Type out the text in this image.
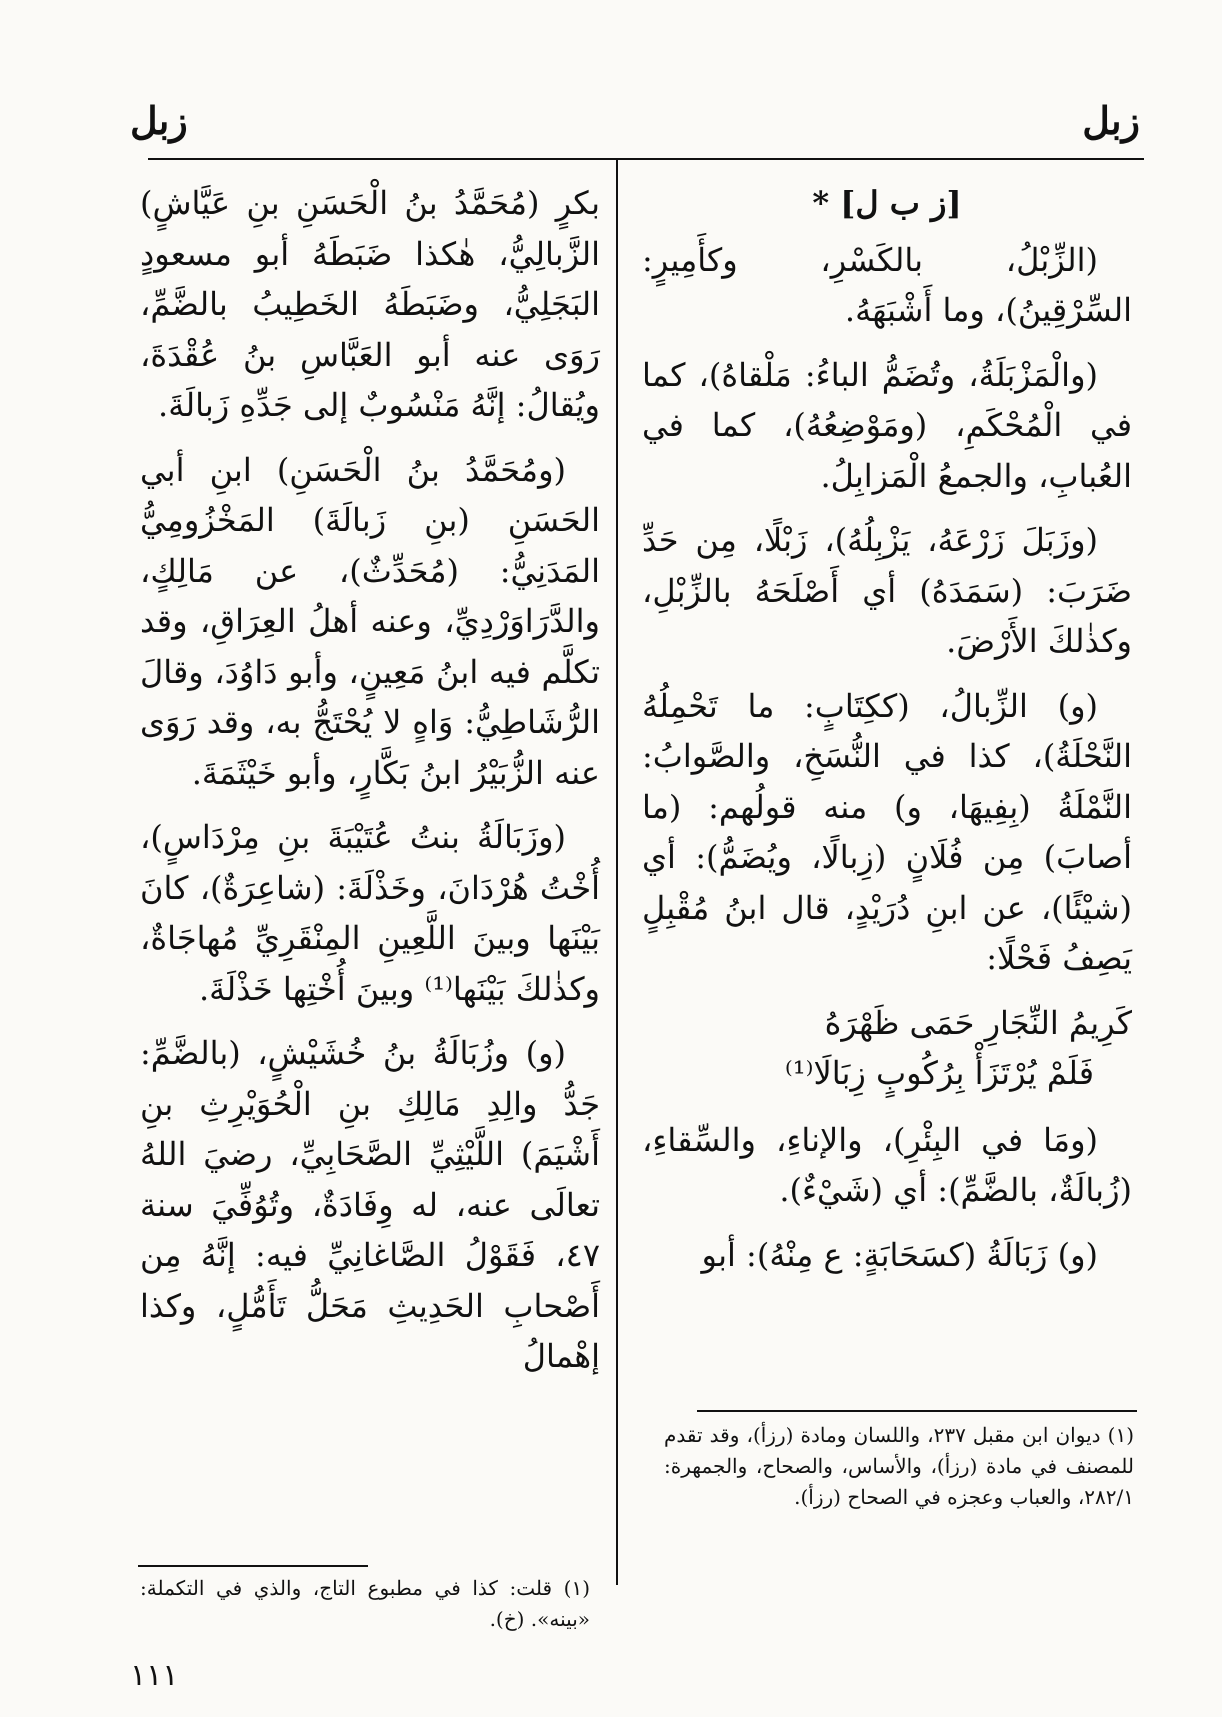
زبل
زبل
[ز ب ل] *

(الزِّبْلُ، بالكَسْرِ، وكأَمِيرٍ: السِّرْقِينُ)، وما أَشْبَهَهُ.

(والْمَزْبَلَةُ، وتُضَمُّ الباءُ: مَلْقاهُ)، كما في الْمُحْكَمِ، (ومَوْضِعُهُ)، كما في العُبابِ، والجمعُ الْمَزابِلُ.

(وزَبَلَ زَرْعَهُ، يَزْبِلُهُ)، زَبْلًا، مِن حَدِّ ضَرَبَ: (سَمَدَهُ) أي أَصْلَحَهُ بالزِّبْلِ، وكذٰلكَ الأَرْضَ.

(و) الزِّبالُ، (ككِتَابٍ: ما تَحْمِلُهُ النَّحْلَةُ)، كذا في النُّسَخِ، والصَّوابُ: النَّمْلَةُ (بِفِيهَا، و) منه قولُهم: (ما أصابَ) مِن فُلَانٍ (زِبالًا، ويُضَمُّ): أي (شيْئًا)، عن ابنِ دُرَيْدٍ، قال ابنُ مُقْبِلٍ يَصِفُ فَحْلًا:

كَرِيمُ النِّجَارِ حَمَى ظَهْرَهُ
فَلَمْ يُرْتَزَأْ بِرُكُوبٍ زِبَالَا⁽¹⁾

(ومَا في البِئْرِ)، والإناءِ، والسِّقاءِ، (زُبالَةٌ، بالضَّمِّ): أي (شَيْءٌ).

(و) زَبَالَةُ (كسَحَابَةٍ: ع مِنْهُ): أبو

بكرٍ (مُحَمَّدُ بنُ الْحَسَنِ بنِ عَيَّاشٍ) الزَّبالِيُّ، هٰكذا ضَبَطَهُ أبو مسعودٍ البَجَلِيُّ، وضَبَطَهُ الخَطِيبُ بالضَّمِّ، رَوَى عنه أبو العَبَّاسِ بنُ عُقْدَةَ، ويُقالُ: إنَّهُ مَنْسُوبٌ إلى جَدِّهِ زَبالَةَ.

(ومُحَمَّدُ بنُ الْحَسَنِ) ابنِ أبي الحَسَنِ (بنِ زَبالَةَ) المَخْزُومِيُّ المَدَنِيُّ: (مُحَدِّثٌ)، عن مَالِكٍ، والدَّرَاوَرْدِيِّ، وعنه أهلُ العِرَاقِ، وقد تكلَّم فيه ابنُ مَعِينٍ، وأبو دَاوُدَ، وقالَ الرُّشَاطِيُّ: وَاهٍ لا يُحْتَجُّ به، وقد رَوَى عنه الزُّبَيْرُ ابنُ بَكَّارٍ، وأبو خَيْثَمَةَ.

(وزَبَالَةُ بنتُ عُتَيْبَةَ بنِ مِرْدَاسٍ)، أُخْتُ هُرْدَانَ، وخَذْلَةَ: (شاعِرَةٌ)، كانَ بَيْنَها وبينَ اللَّعِينِ المِنْقَرِيِّ مُهاجَاةٌ، وكذٰلكَ بَيْنَها⁽¹⁾ وبينَ أُخْتِها خَذْلَةَ.

(و) وزُبَالَةُ بنُ خُشَيْشٍ، (بالضَّمِّ: جَدُّ والِدِ مَالِكِ بنِ الْحُوَيْرِثِ بنِ أَشْيَمَ) اللَّيْثِيِّ الصَّحَابِيِّ، رضيَ اللهُ تعالَى عنه، له وِفَادَةٌ، وتُوُفِّيَ سنة ٤٧، فَقَوْلُ الصَّاغانِيِّ فيه: إنَّهُ مِن أَصْحابِ الحَدِيثِ مَحَلُّ تَأَمُّلٍ، وكذا إهْمالُ

(١) ديوان ابن مقبل ٢٣٧، واللسان ومادة (رزأ)، وقد تقدم للمصنف في مادة (رزأ)، والأساس، والصحاح، والجمهرة: ٢٨٢/١، والعباب وعجزه في الصحاح (رزأ).
(١) قلت: كذا في مطبوع التاج، والذي في التكملة: «بينه». (خ).
١١١
